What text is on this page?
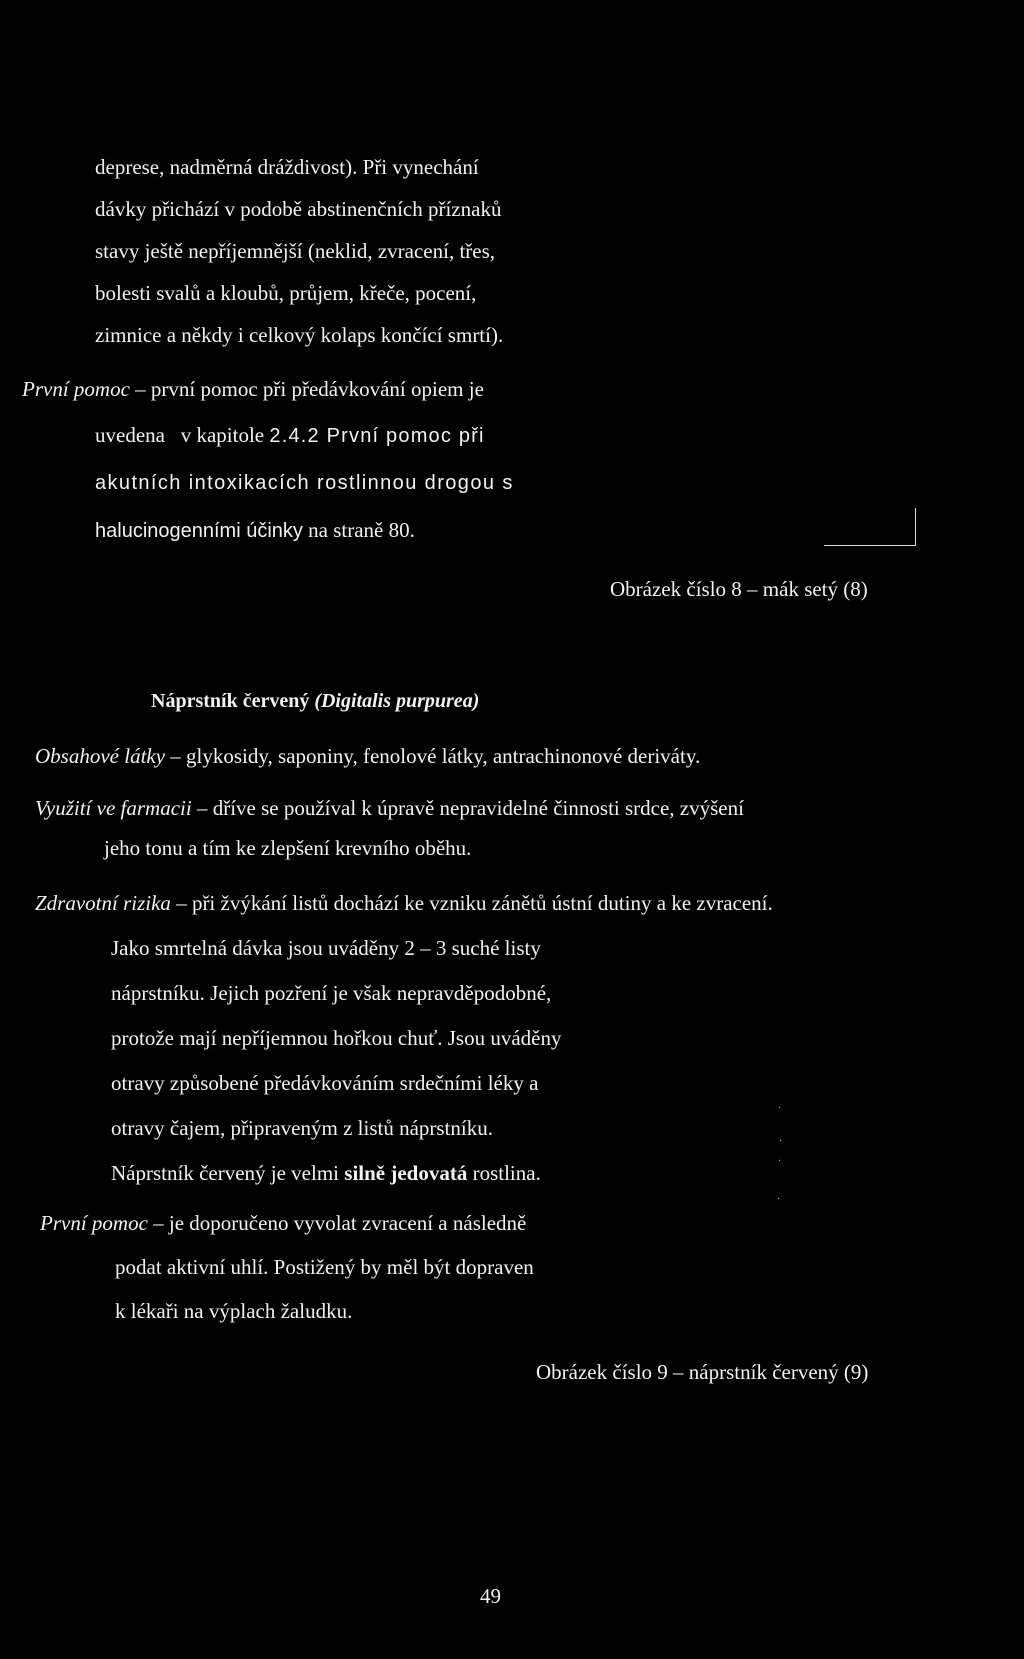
deprese, nadměrná dráždivost). Při vynechání
dávky přichází v podobě abstinenčních příznaků
stavy ještě nepříjemnější (neklid, zvracení, třes,
bolesti svalů a kloubů, průjem, křeče, pocení,
zimnice a někdy i celkový kolaps končící smrtí).
První pomoc – první pomoc při předávkování opiem je
uvedena v kapitole 2.4.2 První pomoc při
akutních intoxikacích rostlinnou drogou s
halucinogenními účinky na straně 80.
Obrázek číslo 8 – mák setý (8)
Náprstník červený (Digitalis purpurea)
Obsahové látky – glykosidy, saponiny, fenolové látky, antrachinonové deriváty.
Využití ve farmacii – dříve se používal k úpravě nepravidelné činnosti srdce, zvýšení
jeho tonu a tím ke zlepšení krevního oběhu.
Zdravotní rizika – při žvýkání listů dochází ke vzniku zánětů ústní dutiny a ke zvracení.
Jako smrtelná dávka jsou uváděny 2 – 3 suché listy
náprstníku. Jejich pozření je však nepravděpodobné,
protože mají nepříjemnou hořkou chuť. Jsou uváděny
otravy způsobené předávkováním srdečními léky a
otravy čajem, připraveným z listů náprstníku.
Náprstník červený je velmi silně jedovatá rostlina.
První pomoc – je doporučeno vyvolat zvracení a následně
podat aktivní uhlí. Postižený by měl být dopraven
k lékaři na výplach žaludku.
·
·
·
·
Obrázek číslo 9 – náprstník červený (9)
49
